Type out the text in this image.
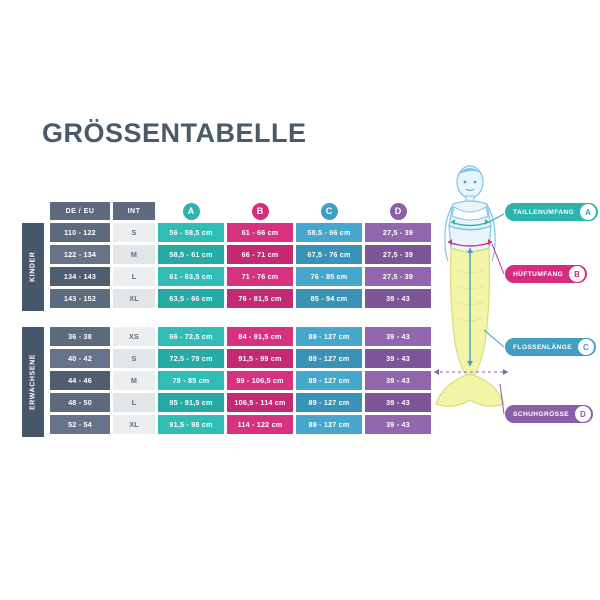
GRÖSSENTABELLE
DE / EU	INT	A	B	C	D
KINDER
110 - 122	S	56 - 58,5 cm	61 - 66 cm	58,5 - 66 cm	27,5 - 39
122 - 134	M	58,5 - 61 cm	66 - 71 cm	67,5 - 76 cm	27,5 - 39
134 - 143	L	61 - 63,5 cm	71 - 76 cm	76 - 85 cm	27,5 - 39
143 - 152	XL	63,5 - 66 cm	76 - 81,5 cm	85 - 94 cm	39 - 43
ERWACHSENE
36 - 38	XS	66 - 72,5 cm	84 - 91,5 cm	89 - 127 cm	39 - 43
40 - 42	S	72,5 - 79 cm	91,5 - 99 cm	89 - 127 cm	39 - 43
44 - 46	M	79 - 85 cm	99 - 106,5 cm	89 - 127 cm	39 - 43
48 - 50	L	85 - 91,5 cm	106,5 - 114 cm	89 - 127 cm	39 - 43
52 - 54	XL	91,5 - 98 cm	114 - 122 cm	89 - 127 cm	39 - 43
TAILLENUMFANG	A
HÜFTUMFANG	B
FLOSSENLÄNGE	C
SCHUHGRÖSSE	D
